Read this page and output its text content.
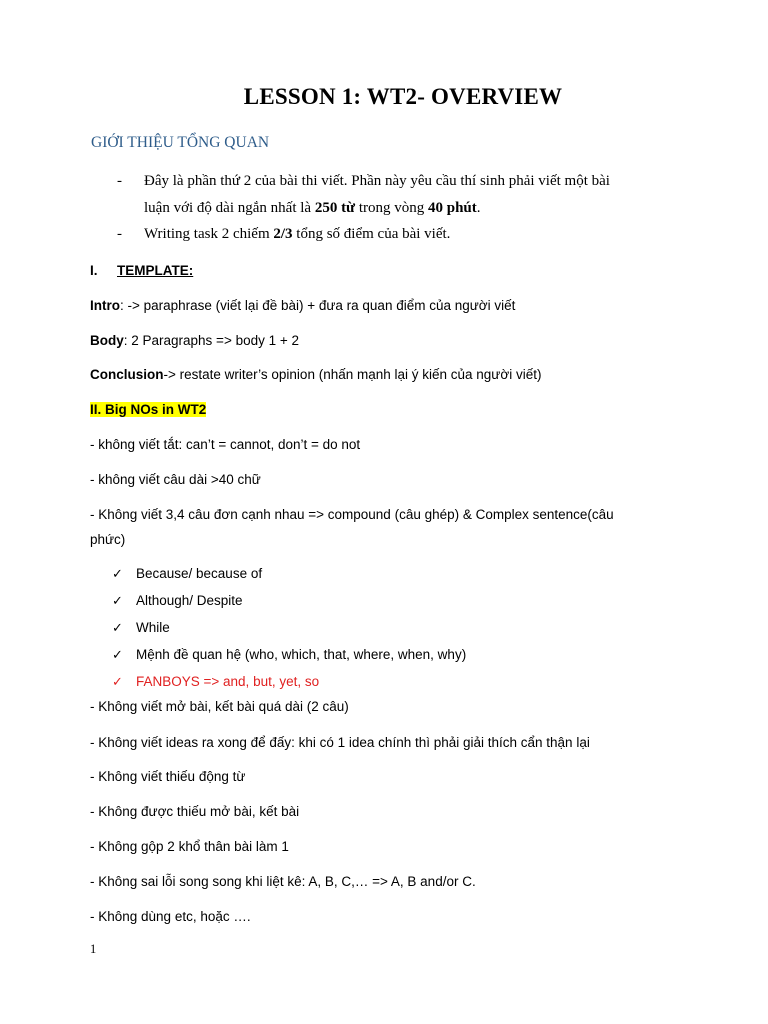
LESSON 1: WT2- OVERVIEW
GIỚI THIỆU TỔNG QUAN
- Đây là phần thứ 2 của bài thi viết. Phần này yêu cầu thí sinh phải viết một bài
luận với độ dài ngắn nhất là 250 từ trong vòng 40 phút.
- Writing task 2 chiếm 2/3 tổng số điểm của bài viết.
I. TEMPLATE:
Intro: -> paraphrase (viết lại đề bài) + đưa ra quan điểm của người viết
Body: 2 Paragraphs => body 1 + 2
Conclusion-> restate writer’s opinion (nhấn mạnh lại ý kiến của người viết)
II. Big NOs in WT2
- không viết tắt: can’t = cannot, don’t = do not
- không viết câu dài >40 chữ
- Không viết 3,4 câu đơn cạnh nhau => compound (câu ghép) & Complex sentence(câu
phức)
✓ Because/ because of
✓ Although/ Despite
✓ While
✓ Mệnh đề quan hệ (who, which, that, where, when, why)
✓ FANBOYS => and, but, yet, so
- Không viết mở bài, kết bài quá dài (2 câu)
- Không viết ideas ra xong để đấy: khi có 1 idea chính thì phải giải thích cẩn thận lại
- Không viết thiếu động từ
- Không được thiếu mở bài, kết bài
- Không gộp 2 khổ thân bài làm 1
- Không sai lỗi song song khi liệt kê: A, B, C,… => A, B and/or C.
- Không dùng etc, hoặc ….
1
